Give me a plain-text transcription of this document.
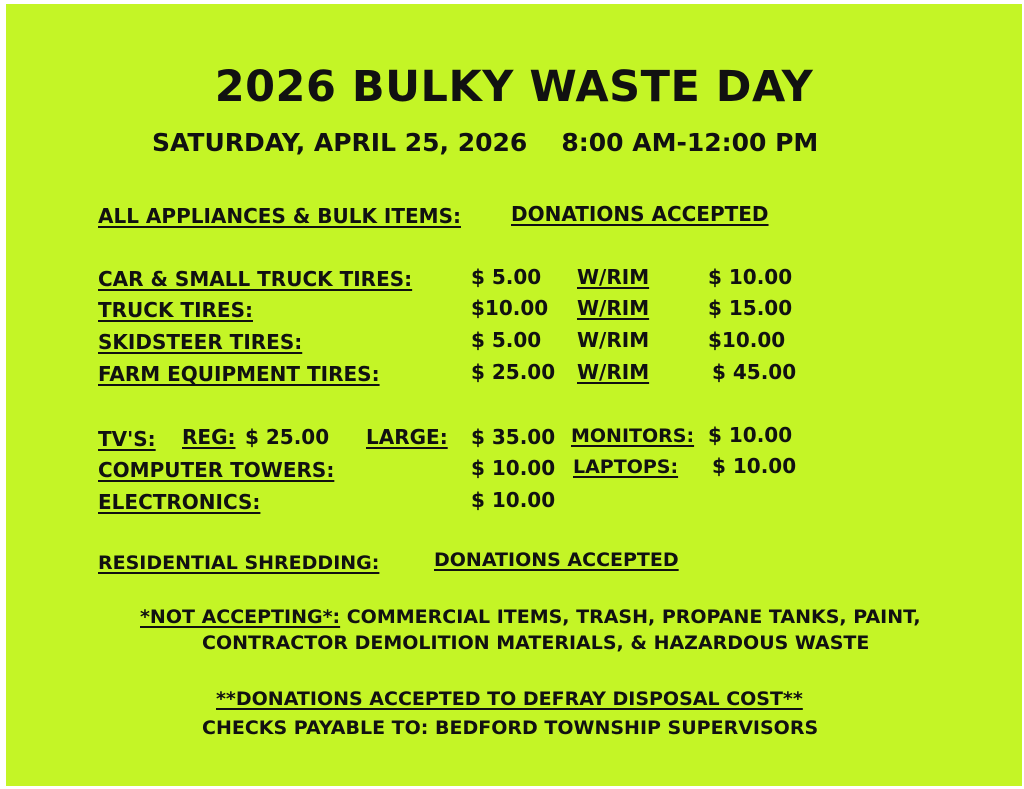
2026 BULKY WASTE DAY
SATURDAY, APRIL 25, 2026 8:00 AM-12:00 PM
ALL APPLIANCES & BULK ITEMS:	DONATIONS ACCEPTED
CAR & SMALL TRUCK TIRES:	$ 5.00 W/RIM	$ 10.00
TRUCK TIRES:	$10.00 W/RIM	$ 15.00
SKIDSTEER TIRES:	$ 5.00 W/RIM	$10.00
FARM EQUIPMENT TIRES:	$ 25.00 W/RIM	$ 45.00
TV'S: REG: $ 25.00 LARGE: $ 35.00 MONITORS: $ 10.00
COMPUTER TOWERS:	$ 10.00 LAPTOPS: $ 10.00
ELECTRONICS:	$ 10.00
RESIDENTIAL SHREDDING:	DONATIONS ACCEPTED
*NOT ACCEPTING*: COMMERCIAL ITEMS, TRASH, PROPANE TANKS, PAINT,
CONTRACTOR DEMOLITION MATERIALS, & HAZARDOUS WASTE
**DONATIONS ACCEPTED TO DEFRAY DISPOSAL COST**
CHECKS PAYABLE TO: BEDFORD TOWNSHIP SUPERVISORS
